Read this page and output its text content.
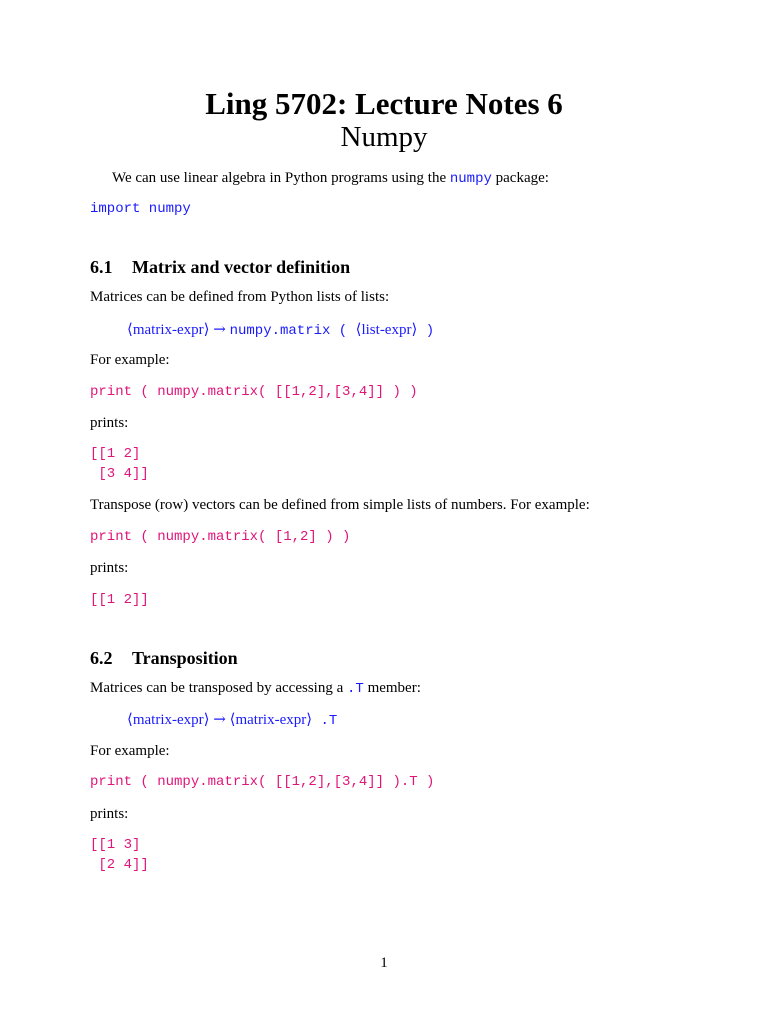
Ling 5702: Lecture Notes 6
Numpy
We can use linear algebra in Python programs using the numpy package:
import numpy
6.1 Matrix and vector definition
Matrices can be defined from Python lists of lists:
⟨matrix-expr⟩ → numpy.matrix ( ⟨list-expr⟩ )
For example:
print ( numpy.matrix( [[1,2],[3,4]] ) )
prints:
[[1 2]
[3 4]]
Transpose (row) vectors can be defined from simple lists of numbers. For example:
print ( numpy.matrix( [1,2] ) )
prints:
[[1 2]]
6.2 Transposition
Matrices can be transposed by accessing a .T member:
⟨matrix-expr⟩ → ⟨matrix-expr⟩ .T
For example:
print ( numpy.matrix( [[1,2],[3,4]] ).T )
prints:
[[1 3]
[2 4]]
1
